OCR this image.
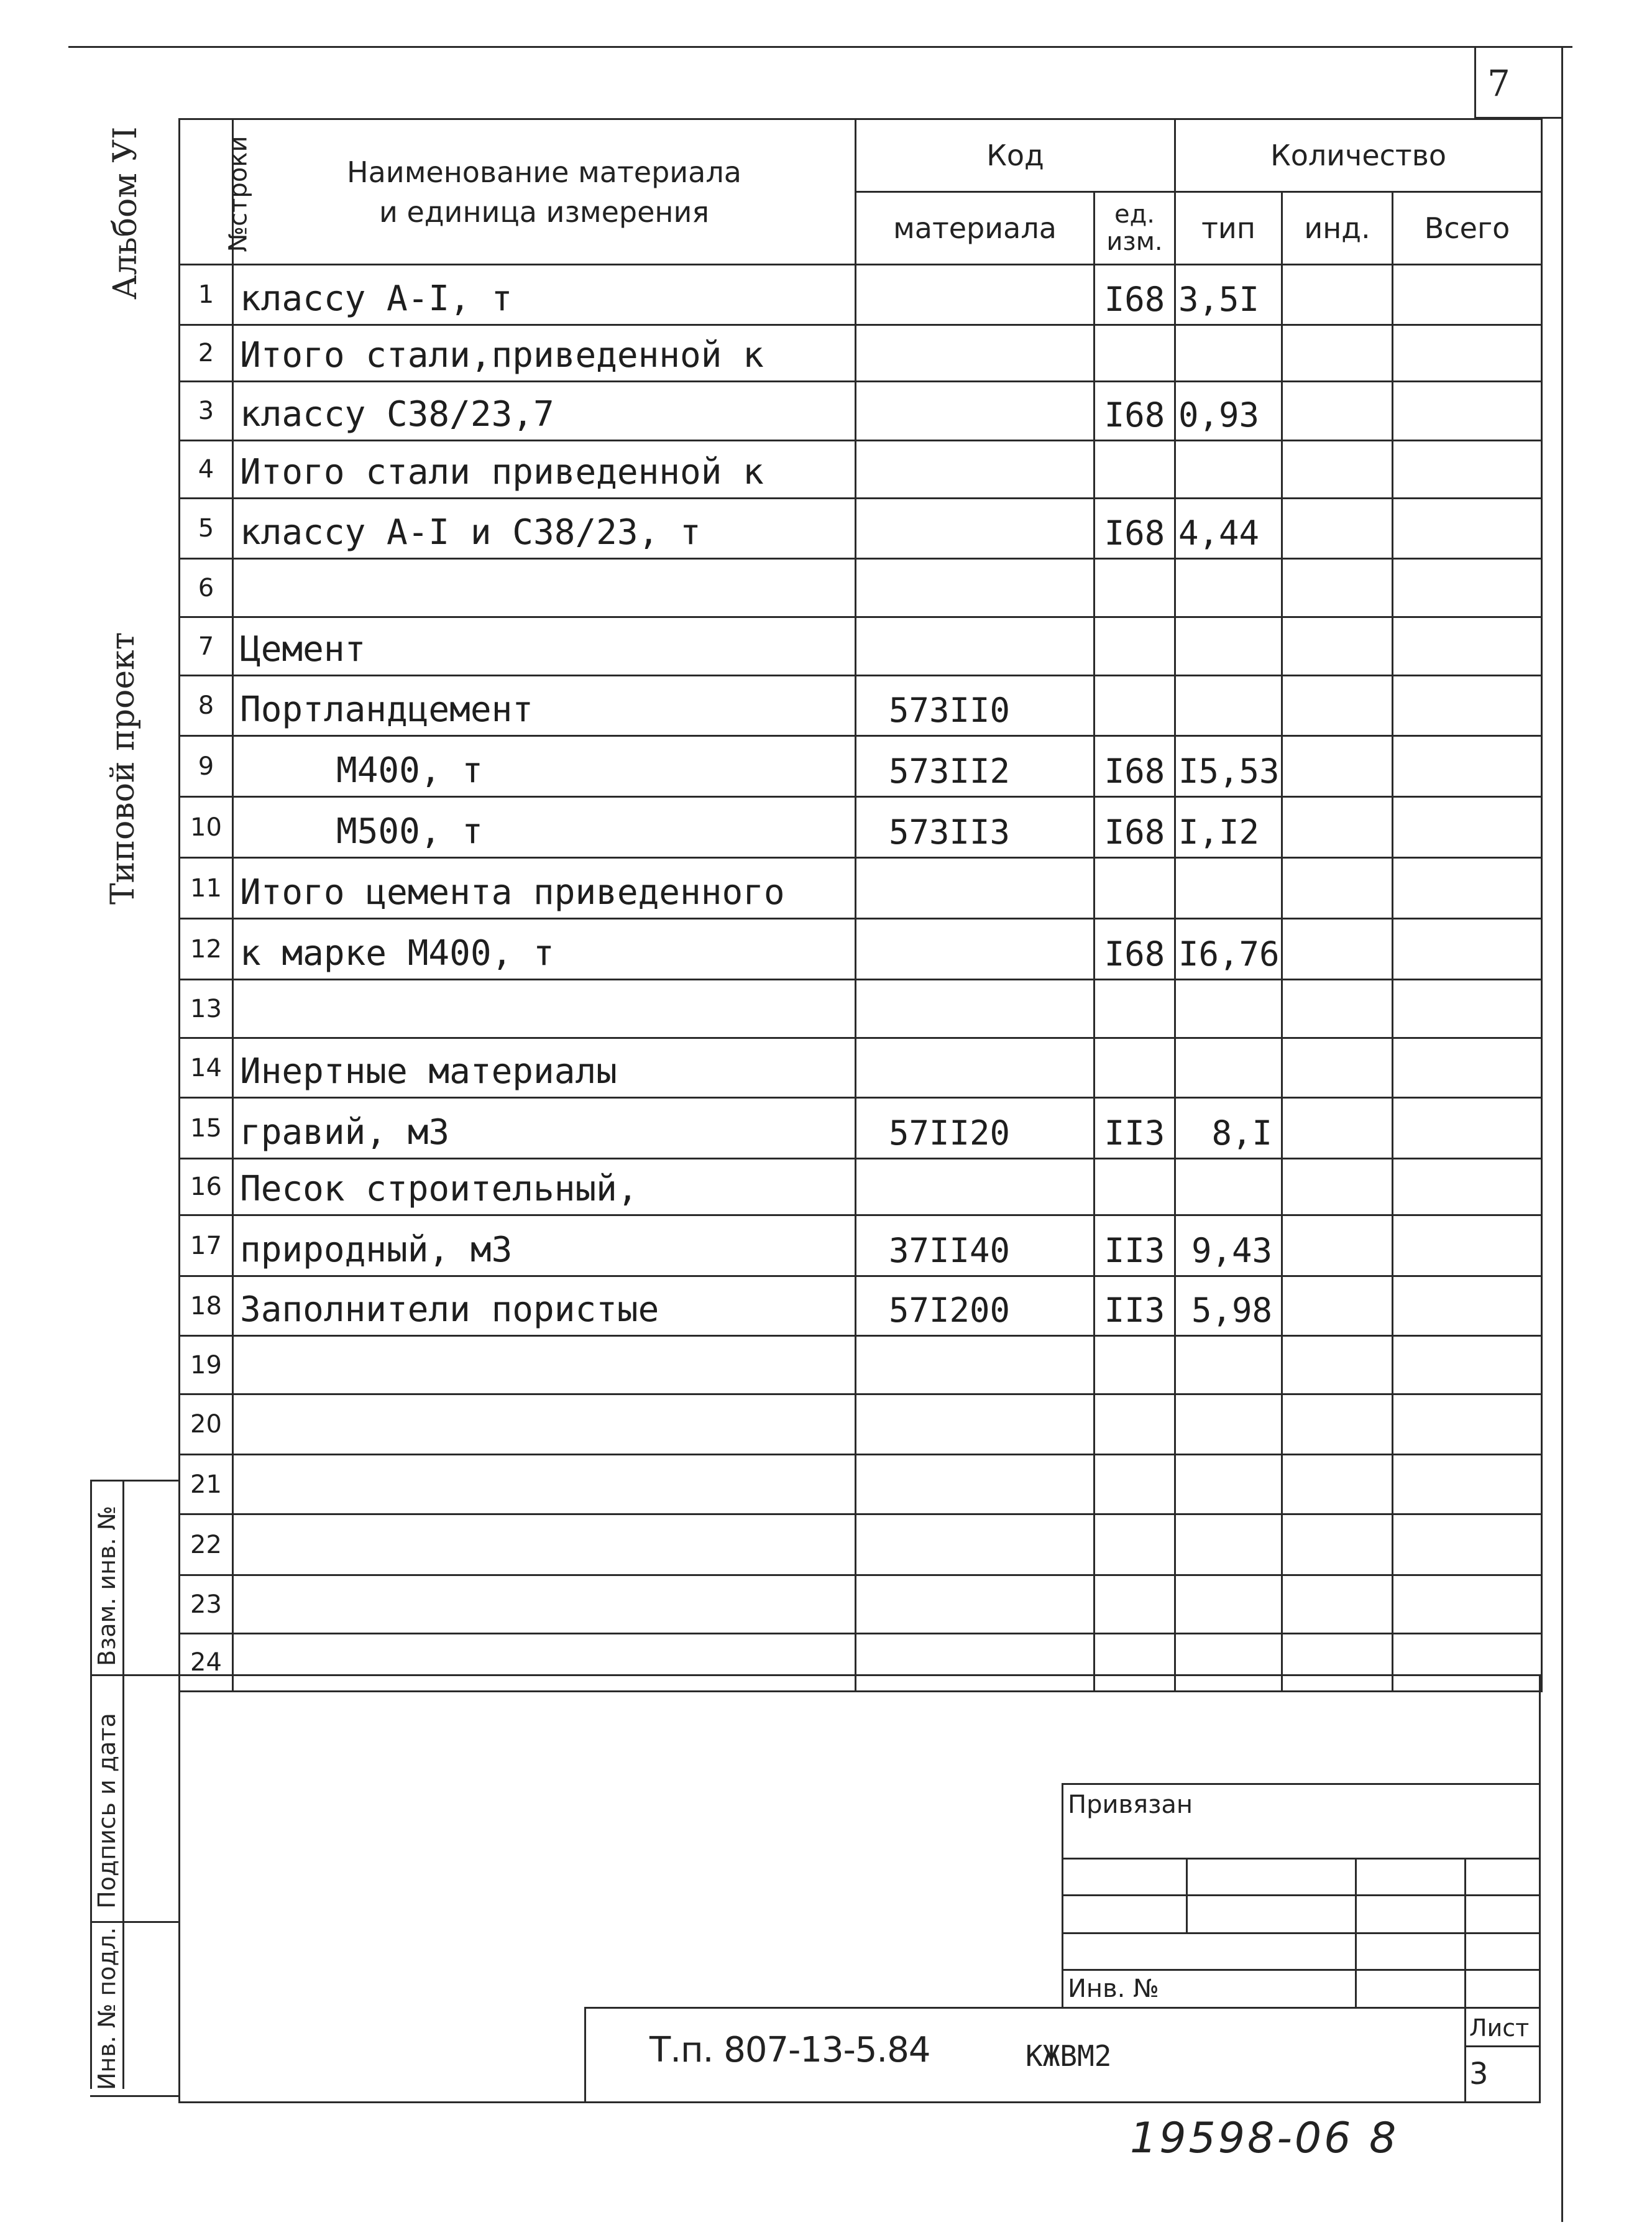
7
Альбом УI
Типовой проект
Взам. инв. №
Подпись и дата
Инв. № подл.
№строки	Наименование материала
и единица измерения	Код		Количество		
		материала	ед.
изм.	тип	инд.	Всего
1	классу А-I, т		I68	3,5I		
2	Итого стали,приведенной к					
3	классу С38/23,7		I68	0,93		
4	Итого стали приведенной к					
5	классу А-I и С38/23, т		I68	4,44		
6						
7	Цемент					
8	Портландцемент	573II0				
9	М400, т	573II2	I68	I5,53		
10	М500, т	573II3	I68	I,I2		
11	Итого цемента приведенного					
12	к марке М400, т		I68	I6,76		
13						
14	Инертные материалы					
15	гравий, м3	57II20	II3	8,I		
16	Песок строительный,					
17	природный, м3	37II40	II3	9,43		
18	Заполнители пористые	57I200	II3	5,98		
19						
20						
21						
22						
23						
24						
Привязан
Инв. №
Т.п. 807-13-5.84	КЖВМ2
Лист
3
19598-06 8
